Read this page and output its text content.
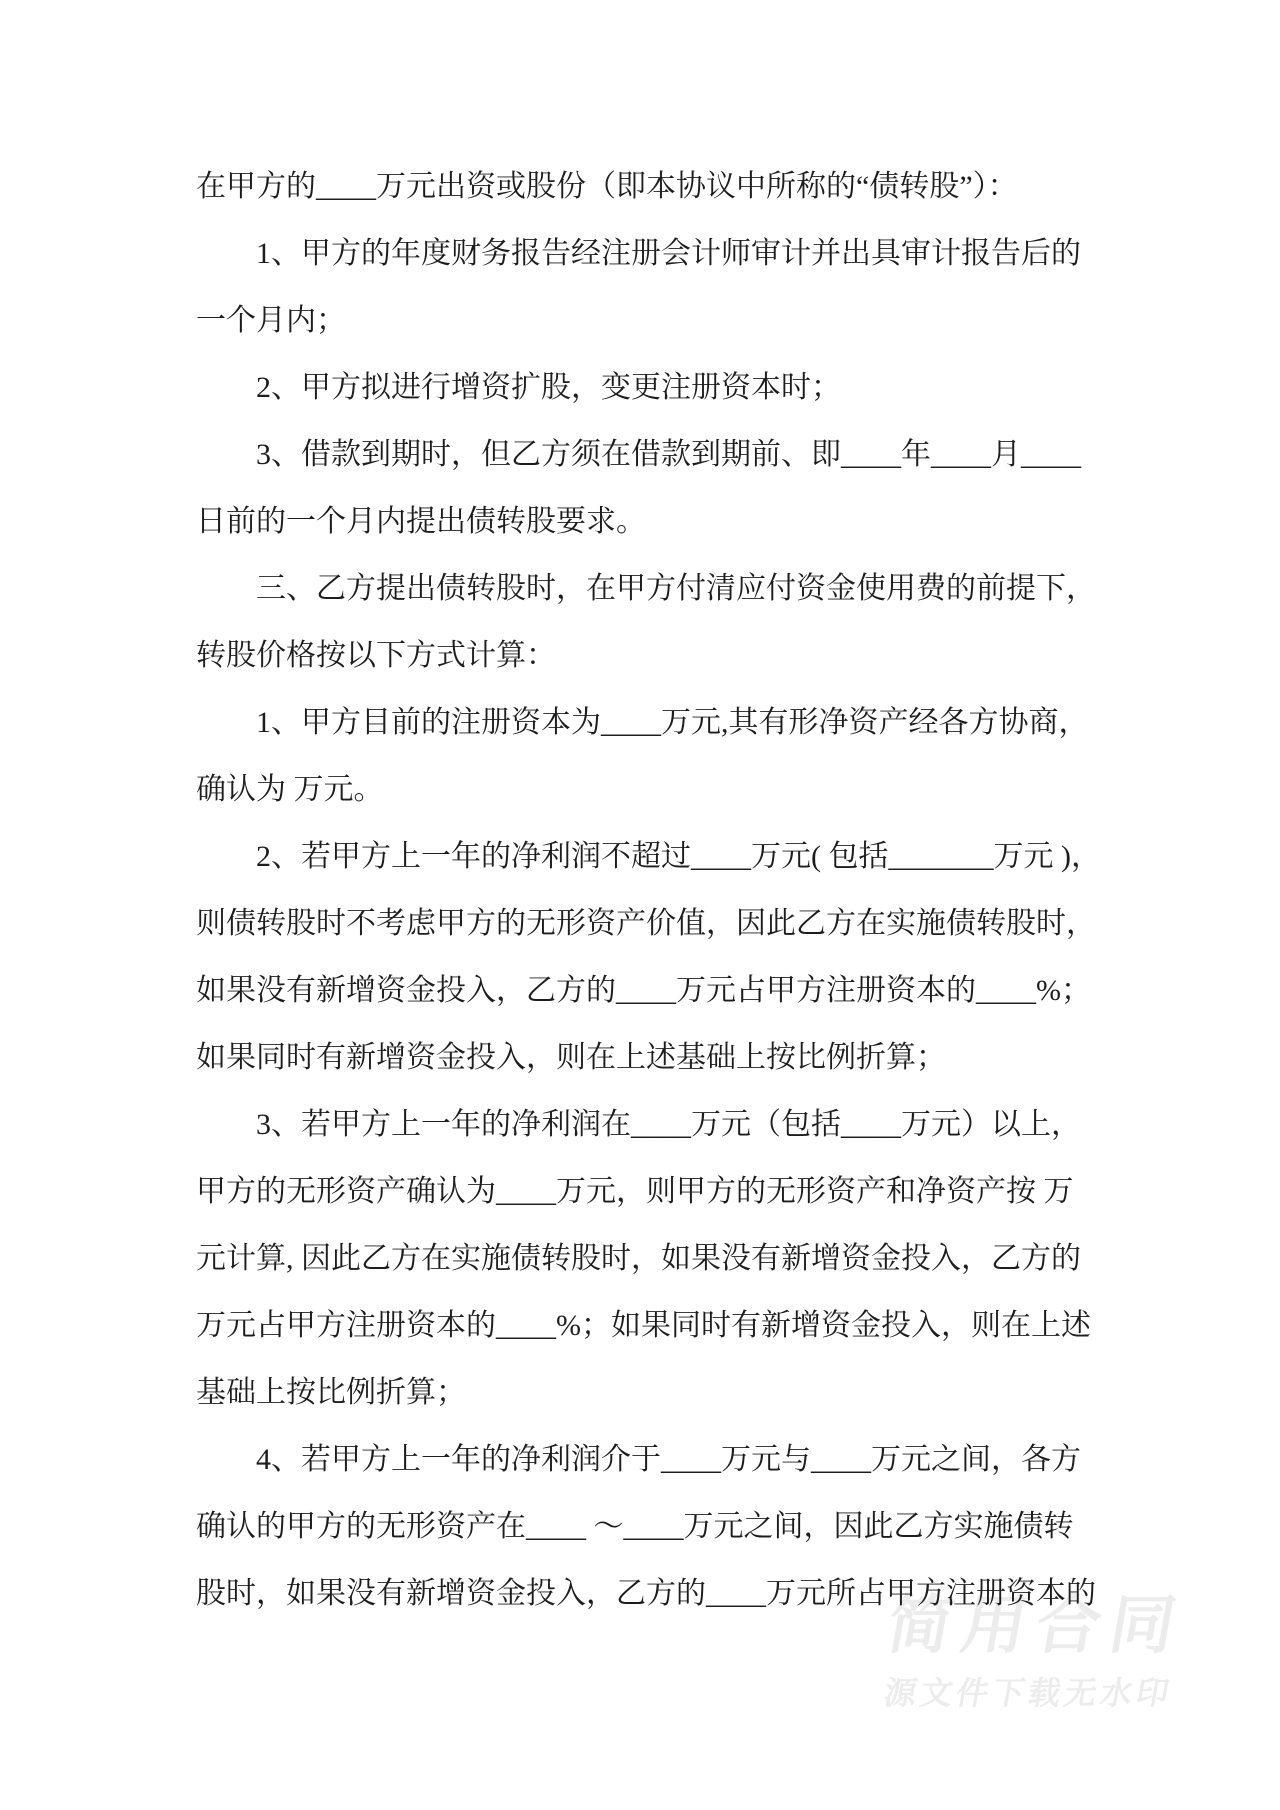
在甲方的____万元出资或股份（即本协议中所称的“债转股”）：
1、甲方的年度财务报告经注册会计师审计并出具审计报告后的
一个月内；
2、甲方拟进行增资扩股，变更注册资本时；
3、借款到期时，但乙方须在借款到期前、即____年____月____
日前的一个月内提出债转股要求。
三、乙方提出债转股时，在甲方付清应付资金使用费的前提下，
转股价格按以下方式计算：
1、甲方目前的注册资本为____万元,其有形净资产经各方协商，
确认为 万元。
2、若甲方上一年的净利润不超过____万元( 包括_______万元 )，
则债转股时不考虑甲方的无形资产价值，因此乙方在实施债转股时，
如果没有新增资金投入，乙方的____万元占甲方注册资本的____%；
如果同时有新增资金投入，则在上述基础上按比例折算；
3、若甲方上一年的净利润在____万元（包括____万元）以上，
甲方的无形资产确认为____万元，则甲方的无形资产和净资产按 万
元计算, 因此乙方在实施债转股时，如果没有新增资金投入，乙方的
万元占甲方注册资本的____%；如果同时有新增资金投入，则在上述
基础上按比例折算；
4、若甲方上一年的净利润介于____万元与____万元之间，各方
确认的甲方的无形资产在____ ～____万元之间，因此乙方实施债转
股时，如果没有新增资金投入，乙方的____万元所占甲方注册资本的
简用合同
源文件下载无水印
